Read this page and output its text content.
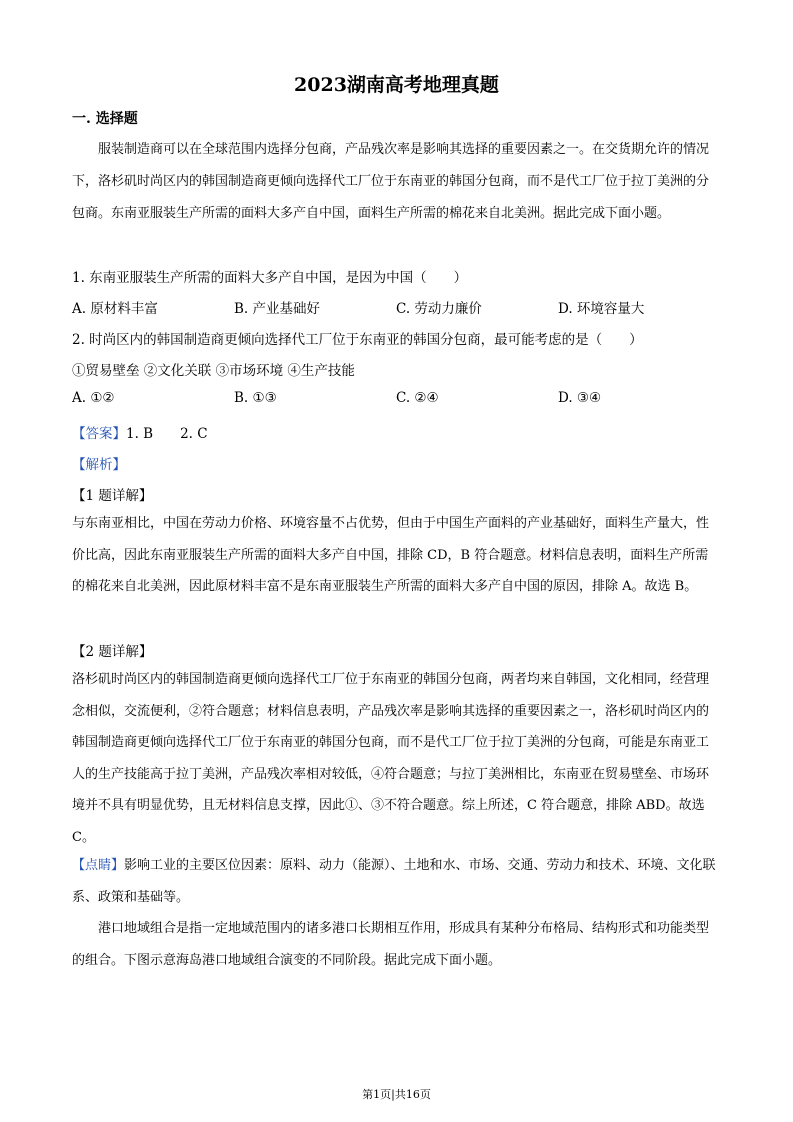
2023湖南高考地理真题
一. 选择题

服装制造商可以在全球范围内选择分包商，产品残次率是影响其选择的重要因素之一。在交货期允许的情况下，洛杉矶时尚区内的韩国制造商更倾向选择代工厂位于东南亚的韩国分包商，而不是代工厂位于拉丁美洲的分包商。东南亚服装生产所需的面料大多产自中国，面料生产所需的棉花来自北美洲。据此完成下面小题。

1. 东南亚服装生产所需的面料大多产自中国，是因为中国（　　）

A. 原材料丰富	B. 产业基础好	C. 劳动力廉价	D. 环境容量大

2. 时尚区内的韩国制造商更倾向选择代工厂位于东南亚的韩国分包商，最可能考虑的是（　　）

①贸易壁垒 ②文化关联 ③市场环境 ④生产技能

A. ①②	B. ①③	C. ②④	D. ③④

【答案】1. B　　2. C

【解析】

【1 题详解】

与东南亚相比，中国在劳动力价格、环境容量不占优势，但由于中国生产面料的产业基础好，面料生产量大，性价比高，因此东南亚服装生产所需的面料大多产自中国，排除 CD，B 符合题意。材料信息表明，面料生产所需的棉花来自北美洲，因此原材料丰富不是东南亚服装生产所需的面料大多产自中国的原因，排除 A。故选 B。

【2 题详解】

洛杉矶时尚区内的韩国制造商更倾向选择代工厂位于东南亚的韩国分包商，两者均来自韩国，文化相同，经营理念相似，交流便利，②符合题意；材料信息表明，产品残次率是影响其选择的重要因素之一，洛杉矶时尚区内的韩国制造商更倾向选择代工厂位于东南亚的韩国分包商，而不是代工厂位于拉丁美洲的分包商，可能是东南亚工人的生产技能高于拉丁美洲，产品残次率相对较低，④符合题意；与拉丁美洲相比，东南亚在贸易壁垒、市场环境并不具有明显优势，且无材料信息支撑，因此①、③不符合题意。综上所述，C 符合题意，排除 ABD。故选 C。

【点睛】影响工业的主要区位因素：原料、动力（能源）、土地和水、市场、交通、劳动力和技术、环境、文化联系、政策和基础等。

港口地域组合是指一定地域范围内的诸多港口长期相互作用，形成具有某种分布格局、结构形式和功能类型的组合。下图示意海岛港口地域组合演变的不同阶段。据此完成下面小题。

第1页|共16页
